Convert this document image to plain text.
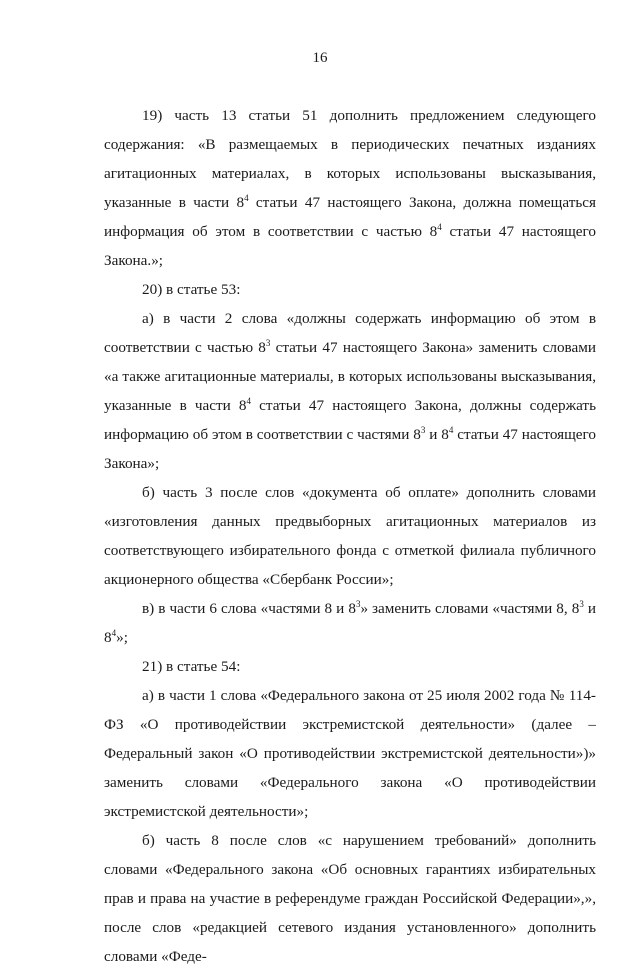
16

19) часть 13 статьи 51 дополнить предложением следующего содержания: «В размещаемых в периодических печатных изданиях агитационных материалах, в которых использованы высказывания, указанные в части $8^4$ статьи 47 настоящего Закона, должна помещаться информация об этом в соответствии с частью $8^4$ статьи 47 настоящего Закона.»;

20) в статье 53:

а) в части 2 слова «должны содержать информацию об этом в соответствии с частью $8^3$ статьи 47 настоящего Закона» заменить словами «а также агитационные материалы, в которых использованы высказывания, указанные в части $8^4$ статьи 47 настоящего Закона, должны содержать информацию об этом в соответствии с частями $8^3$ и $8^4$ статьи 47 настоящего Закона»;

б) часть 3 после слов «документа об оплате» дополнить словами «изготовления данных предвыборных агитационных материалов из соответствующего избирательного фонда с отметкой филиала публичного акционерного общества «Сбербанк России»;

в) в части 6 слова «частями 8 и $8^3$» заменить словами «частями 8, $8^3$ и $8^4$»;

21) в статье 54:

а) в части 1 слова «Федерального закона от 25 июля 2002 года № 114-ФЗ «О противодействии экстремистской деятельности» (далее – Федеральный закон «О противодействии экстремистской деятельности»)» заменить словами «Федерального закона «О противодействии экстремистской деятельности»;

б) часть 8 после слов «с нарушением требований» дополнить словами «Федерального закона «Об основных гарантиях избирательных прав и права на участие в референдуме граждан Российской Федерации»,», после слов «редакцией сетевого издания установленного» дополнить словами «Феде-
